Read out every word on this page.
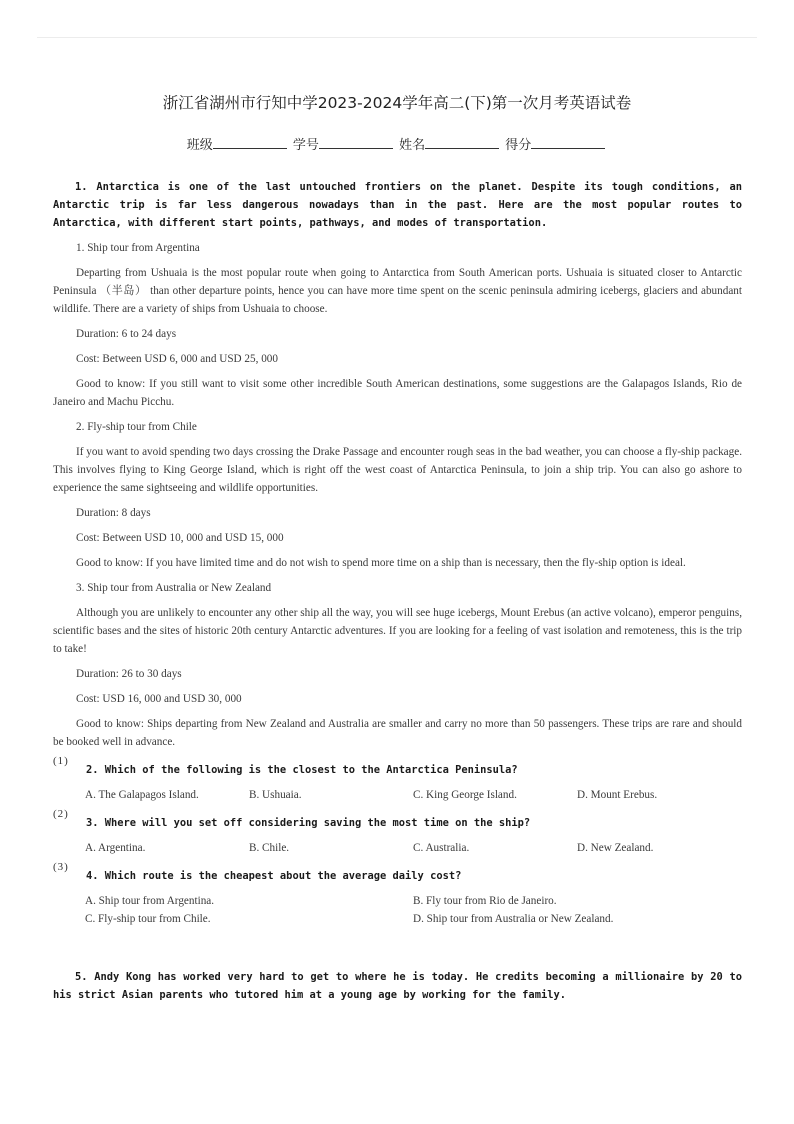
浙江省湖州市行知中学2023-2024学年高二(下)第一次月考英语试卷
班级	学号	姓名	得分
1. Antarctica is one of the last untouched frontiers on the planet. Despite its tough conditions, an Antarctic trip is far less dangerous nowadays than in the past. Here are the most popular routes to Antarctica, with different start points, pathways, and modes of transportation.
1. Ship tour from Argentina
Departing from Ushuaia is the most popular route when going to Antarctica from South American ports. Ushuaia is situated closer to Antarctic Peninsula （半岛） than other departure points, hence you can have more time spent on the scenic peninsula admiring icebergs, glaciers and abundant wildlife. There are a variety of ships from Ushuaia to choose.
Duration: 6 to 24 days
Cost: Between USD 6, 000 and USD 25, 000
Good to know: If you still want to visit some other incredible South American destinations, some suggestions are the Galapagos Islands, Rio de Janeiro and Machu Picchu.
2. Fly-ship tour from Chile
If you want to avoid spending two days crossing the Drake Passage and encounter rough seas in the bad weather, you can choose a fly-ship package. This involves flying to King George Island, which is right off the west coast of Antarctica Peninsula, to join a ship trip. You can also go ashore to experience the same sightseeing and wildlife opportunities.
Duration: 8 days
Cost: Between USD 10, 000 and USD 15, 000
Good to know: If you have limited time and do not wish to spend more time on a ship than is necessary, then the fly-ship option is ideal.
3. Ship tour from Australia or New Zealand
Although you are unlikely to encounter any other ship all the way, you will see huge icebergs, Mount Erebus (an active volcano), emperor penguins, scientific bases and the sites of historic 20th century Antarctic adventures. If you are looking for a feeling of vast isolation and remoteness, this is the trip to take!
Duration: 26 to 30 days
Cost: USD 16, 000 and USD 30, 000
Good to know: Ships departing from New Zealand and Australia are smaller and carry no more than 50 passengers. These trips are rare and should be booked well in advance.
(1)
2. Which of the following is the closest to the Antarctica Peninsula?
A. The Galapagos Island.	B. Ushuaia.	C. King George Island.	D. Mount Erebus.
(2)
3. Where will you set off considering saving the most time on the ship?
A. Argentina.	B. Chile.	C. Australia.	D. New Zealand.
(3)
4. Which route is the cheapest about the average daily cost?
A. Ship tour from Argentina.	B. Fly tour from Rio de Janeiro.
C. Fly-ship tour from Chile.	D. Ship tour from Australia or New Zealand.
5. Andy Kong has worked very hard to get to where he is today. He credits becoming a millionaire by 20 to his strict Asian parents who tutored him at a young age by working for the family.
